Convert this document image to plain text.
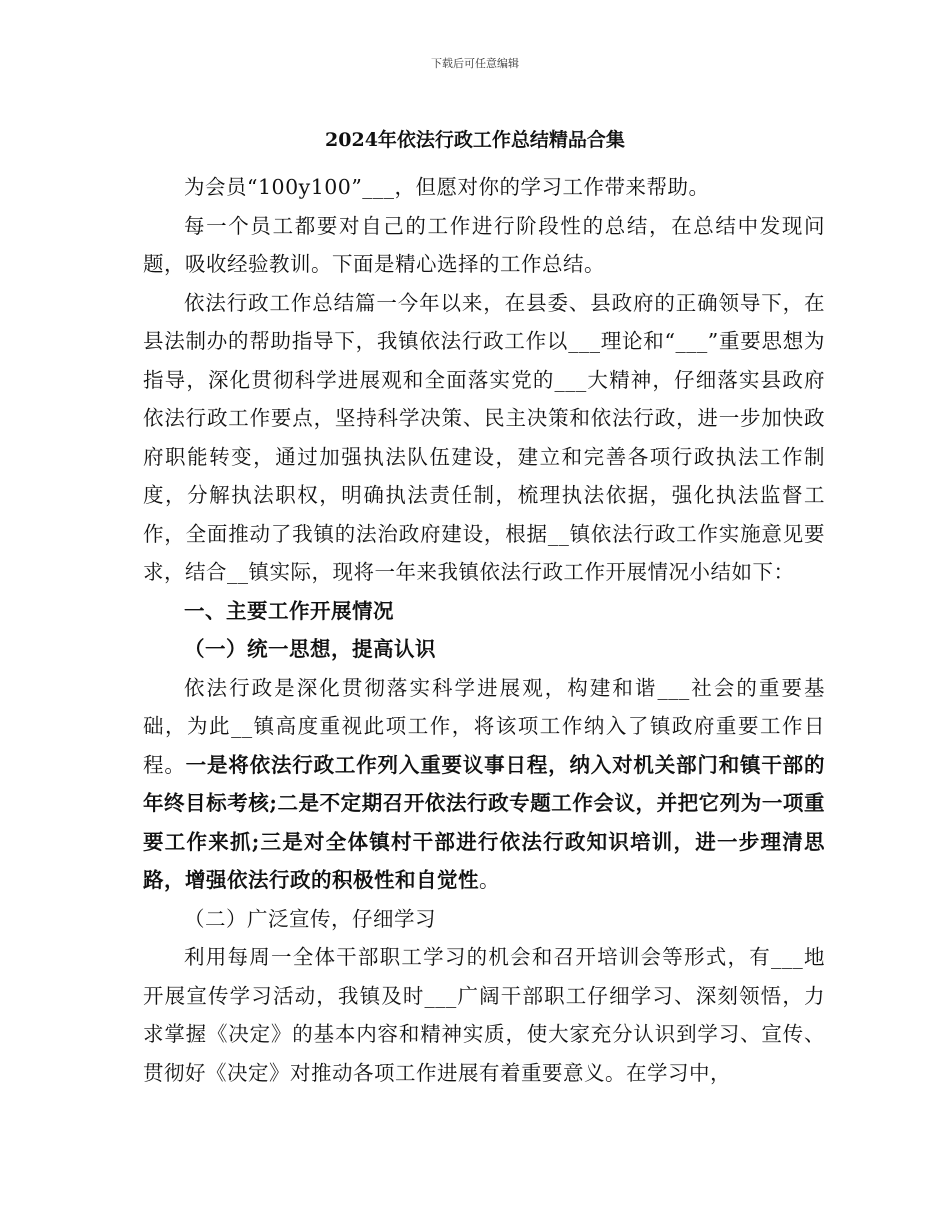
下载后可任意编辑
2024年依法行政工作总结精品合集

为会员“100y100”___，但愿对你的学习工作带来帮助。

每一个员工都要对自己的工作进行阶段性的总结，在总结中发现问题，吸收经验教训。下面是精心选择的工作总结。

依法行政工作总结篇一今年以来，在县委、县政府的正确领导下，在县法制办的帮助指导下，我镇依法行政工作以___理论和“___”重要思想为指导，深化贯彻科学进展观和全面落实党的___大精神，仔细落实县政府依法行政工作要点，坚持科学决策、民主决策和依法行政，进一步加快政府职能转变，通过加强执法队伍建设，建立和完善各项行政执法工作制度，分解执法职权，明确执法责任制，梳理执法依据，强化执法监督工作，全面推动了我镇的法治政府建设，根据__镇依法行政工作实施意见要求，结合__镇实际，现将一年来我镇依法行政工作开展情况小结如下：

一、主要工作开展情况

（一）统一思想，提高认识

依法行政是深化贯彻落实科学进展观，构建和谐___社会的重要基础，为此__镇高度重视此项工作，将该项工作纳入了镇政府重要工作日程。一是将依法行政工作列入重要议事日程，纳入对机关部门和镇干部的年终目标考核;二是不定期召开依法行政专题工作会议，并把它列为一项重要工作来抓;三是对全体镇村干部进行依法行政知识培训，进一步理清思路，增强依法行政的积极性和自觉性。

（二）广泛宣传，仔细学习

利用每周一全体干部职工学习的机会和召开培训会等形式，有___地开展宣传学习活动，我镇及时___广阔干部职工仔细学习、深刻领悟，力求掌握《决定》的基本内容和精神实质，使大家充分认识到学习、宣传、贯彻好《决定》对推动各项工作进展有着重要意义。在学习中，
